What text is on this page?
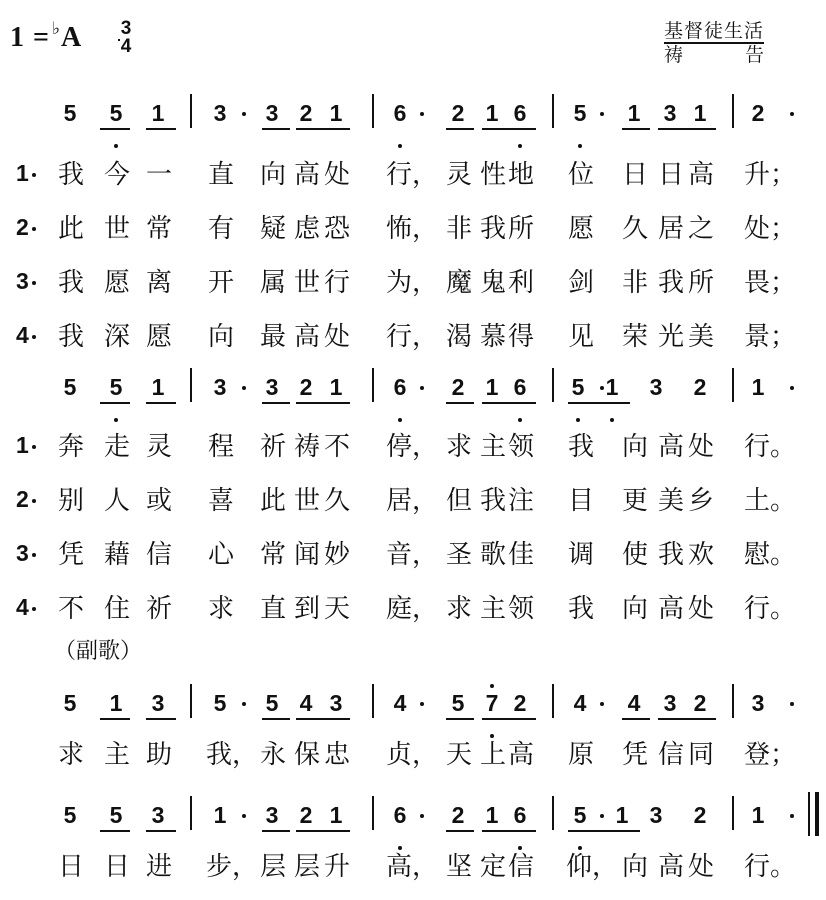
1 = ♭A 3
4
基督徒生活
祷	告
5 5 1 3 3 2 1 6 2 1 6 5 1 3 1 2
1 我 今 一 直 向 高 处 行， 灵 性 地 位 日 日 高 升；
2 此 世 常 有 疑 虑 恐 怖， 非 我 所 愿 久 居 之 处；
3 我 愿 离 开 属 世 行 为， 魔 鬼 利 剑 非 我 所 畏；
4 我 深 愿 向 最 高 处 行， 渴 慕 得 见 荣 光 美 景；
5 5 1 3 3 2 1 6 2 1 6 5 1 3 2 1
1 奔 走 灵 程 祈 祷 不 停， 求 主 领 我 向 高 处 行。
2 别 人 或 喜 此 世 久 居， 但 我 注 目 更 美 乡 土。
3 凭 藉 信 心 常 闻 妙 音， 圣 歌 佳 调 使 我 欢 慰。
4 不 住 祈 求 直 到 天 庭， 求 主 领 我 向 高 处 行。
（副歌）
5 1 3 5 5 4 3 4 5 7 2 4 4 3 2 3
求 主 助 我， 永 保 忠 贞， 天 上 高 原 凭 信 同 登；
5 5 3 1 3 2 1 6 2 1 6 5 1 3 2 1
日 日 进 步， 层 层 升 高， 坚 定 信 仰， 向 高 处 行。
